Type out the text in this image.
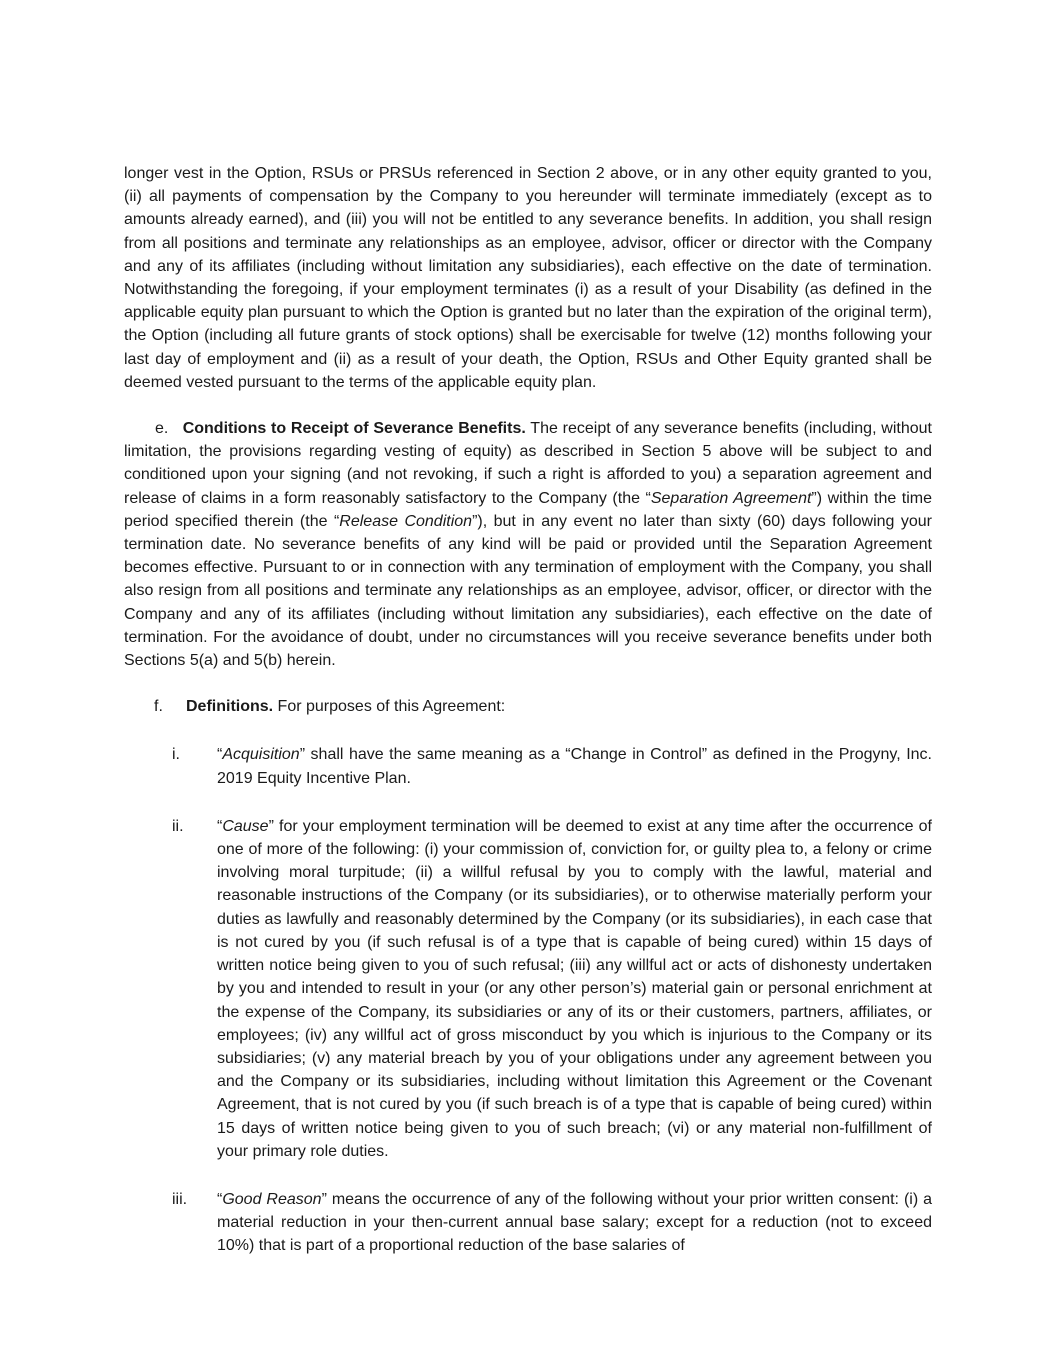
longer vest in the Option, RSUs or PRSUs referenced in Section 2 above, or in any other equity granted to you, (ii) all payments of compensation by the Company to you hereunder will terminate immediately (except as to amounts already earned), and (iii) you will not be entitled to any severance benefits. In addition, you shall resign from all positions and terminate any relationships as an employee, advisor, officer or director with the Company and any of its affiliates (including without limitation any subsidiaries), each effective on the date of termination. Notwithstanding the foregoing, if your employment terminates (i) as a result of your Disability (as defined in the applicable equity plan pursuant to which the Option is granted but no later than the expiration of the original term), the Option (including all future grants of stock options) shall be exercisable for twelve (12) months following your last day of employment and (ii) as a result of your death, the Option, RSUs and Other Equity granted shall be deemed vested pursuant to the terms of the applicable equity plan.

e. Conditions to Receipt of Severance Benefits. The receipt of any severance benefits (including, without limitation, the provisions regarding vesting of equity) as described in Section 5 above will be subject to and conditioned upon your signing (and not revoking, if such a right is afforded to you) a separation agreement and release of claims in a form reasonably satisfactory to the Company (the “Separation Agreement”) within the time period specified therein (the “Release Condition”), but in any event no later than sixty (60) days following your termination date. No severance benefits of any kind will be paid or provided until the Separation Agreement becomes effective. Pursuant to or in connection with any termination of employment with the Company, you shall also resign from all positions and terminate any relationships as an employee, advisor, officer, or director with the Company and any of its affiliates (including without limitation any subsidiaries), each effective on the date of termination. For the avoidance of doubt, under no circumstances will you receive severance benefits under both Sections 5(a) and 5(b) herein.

f.	Definitions. For purposes of this Agreement:
i.	“Acquisition” shall have the same meaning as a “Change in Control” as defined in the Progyny, Inc. 2019 Equity Incentive Plan.
ii.	“Cause” for your employment termination will be deemed to exist at any time after the occurrence of one of more of the following: (i) your commission of, conviction for, or guilty plea to, a felony or crime involving moral turpitude; (ii) a willful refusal by you to comply with the lawful, material and reasonable instructions of the Company (or its subsidiaries), or to otherwise materially perform your duties as lawfully and reasonably determined by the Company (or its subsidiaries), in each case that is not cured by you (if such refusal is of a type that is capable of being cured) within 15 days of written notice being given to you of such refusal; (iii) any willful act or acts of dishonesty undertaken by you and intended to result in your (or any other person’s) material gain or personal enrichment at the expense of the Company, its subsidiaries or any of its or their customers, partners, affiliates, or employees; (iv) any willful act of gross misconduct by you which is injurious to the Company or its subsidiaries; (v) any material breach by you of your obligations under any agreement between you and the Company or its subsidiaries, including without limitation this Agreement or the Covenant Agreement, that is not cured by you (if such breach is of a type that is capable of being cured) within 15 days of written notice being given to you of such breach; (vi) or any material non-fulfillment of your primary role duties.
iii.	“Good Reason” means the occurrence of any of the following without your prior written consent: (i) a material reduction in your then-current annual base salary; except for a reduction (not to exceed 10%) that is part of a proportional reduction of the base salaries of
